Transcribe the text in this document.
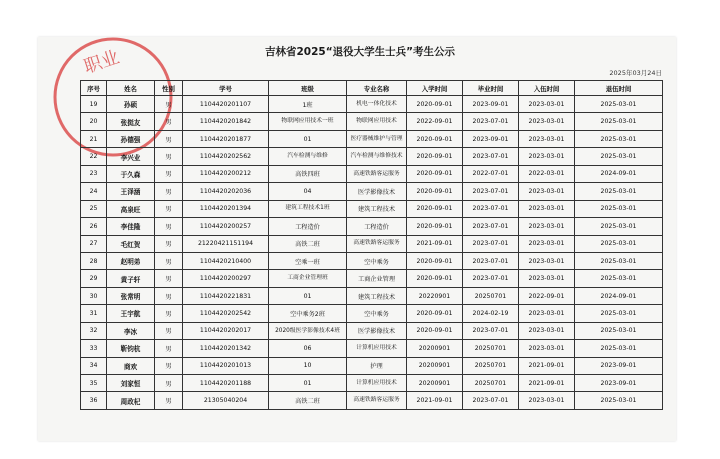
吉林省2025“退役大学生士兵”考生公示
2025年03月24日
职业
序号	姓名	性别	学号	班级	专业名称	入学时间	毕业时间	入伍时间	退伍时间
19	孙硕	男	1104420201107	1班	机电一体化技术	2020-09-01	2023-09-01	2023-03-01	2025-03-01
20	张挺友	男	1104420201842	物联网应用技术一班	物联网应用技术	2022-09-01	2023-07-01	2023-03-01	2025-03-01
21	孙德强	男	1104420201877	01	医疗器械维护与管理	2020-09-01	2023-09-01	2023-03-01	2025-03-01
22	李兴业	男	1104420202562	汽车检测与维修	汽车检测与维修技术	2020-09-01	2023-07-01	2023-03-01	2025-03-01
23	于久森	男	1104420200212	高铁四班	高速铁路客运服务	2020-09-01	2022-07-01	2022-03-01	2024-09-01
24	王泽涵	男	1104420202036	04	医学影像技术	2020-09-01	2023-07-01	2023-03-01	2025-03-01
25	高泉旺	男	1104420201394	建筑工程技术1班	建筑工程技术	2020-09-01	2023-07-01	2023-03-01	2025-03-01
26	李佳隆	男	1104420200257	工程造价	工程造价	2020-09-01	2023-07-01	2023-03-01	2025-03-01
27	毛红贺	男	21220421151194	高铁二班	高速铁路客运服务	2021-09-01	2023-07-01	2023-03-01	2025-03-01
28	赵明弟	男	1104420210400	空乘一班	空中乘务	2020-09-01	2023-07-01	2023-03-01	2025-03-01
29	黄子轩	男	1104420200297	工商企业管理班	工商企业管理	2020-09-01	2023-07-01	2023-03-01	2025-03-01
30	张常明	男	1104420221831	01	建筑工程技术	20220901	20250701	2022-09-01	2024-09-01
31	王宇航	男	1104420202542	空中乘务2班	空中乘务	2020-09-01	2024-02-19	2023-03-01	2025-03-01
32	李冰	男	1104420202017	2020级医学影像技术4班	医学影像技术	2020-09-01	2023-07-01	2023-03-01	2025-03-01
33	靳钧杭	男	1104420201342	06	计算机应用技术	20200901	20250701	2023-03-01	2025-03-01
34	商欢	男	1104420201013	10	护理	20200901	20250701	2021-09-01	2023-09-01
35	刘家恒	男	1104420201188	01	计算机应用技术	20200901	20250701	2021-09-01	2023-09-01
36	周政杞	男	21305040204	高铁二班	高速铁路客运服务	2021-09-01	2023-07-01	2023-03-01	2025-03-01
